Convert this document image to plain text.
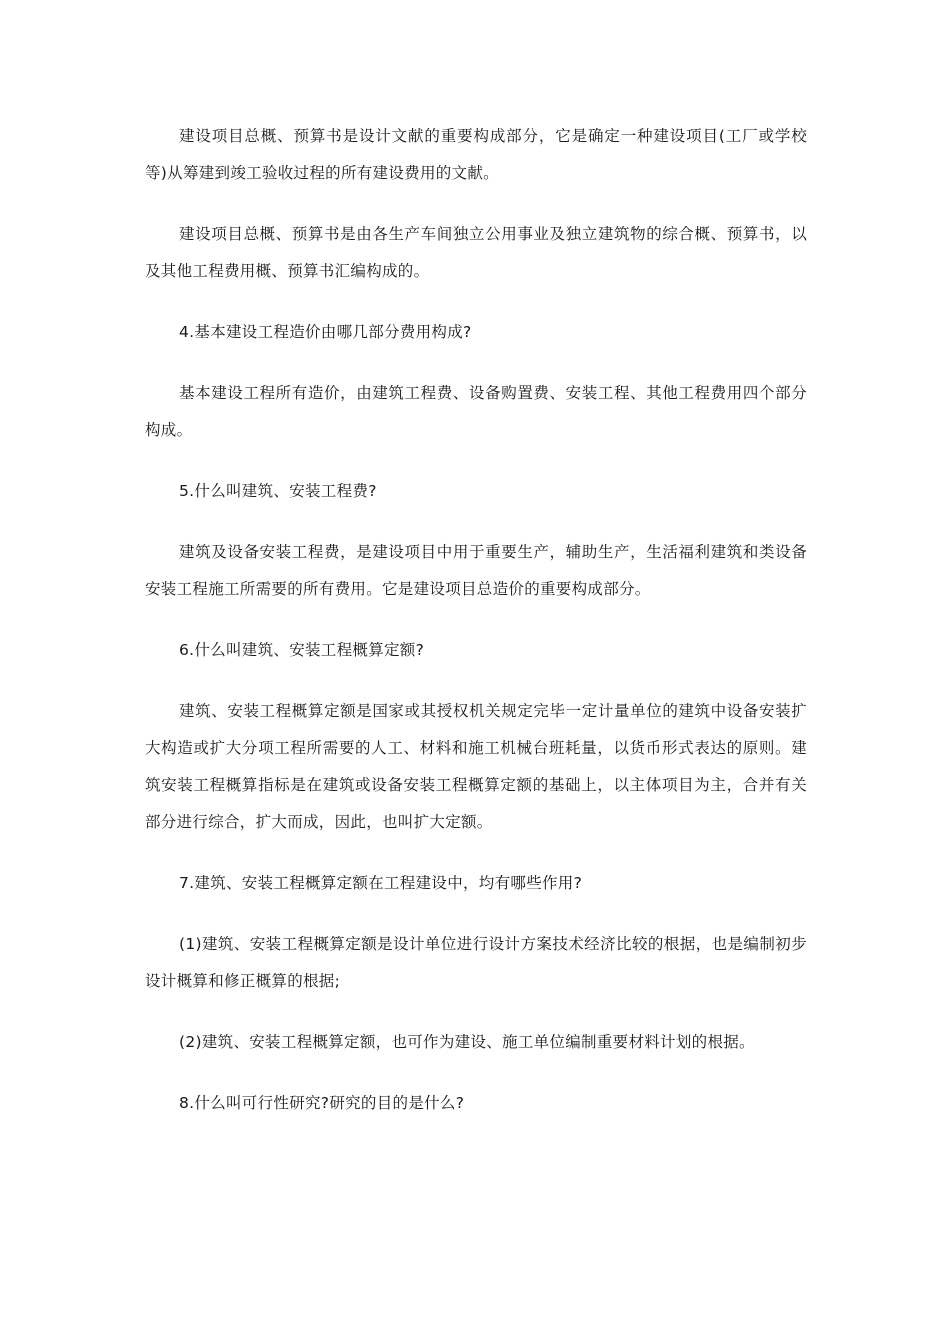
建设项目总概、预算书是设计文献的重要构成部分，它是确定一种建设项目(工厂或学校等)从筹建到竣工验收过程的所有建设费用的文献。

建设项目总概、预算书是由各生产车间独立公用事业及独立建筑物的综合概、预算书，以及其他工程费用概、预算书汇编构成的。

4.基本建设工程造价由哪几部分费用构成?

基本建设工程所有造价，由建筑工程费、设备购置费、安装工程、其他工程费用四个部分构成。

5.什么叫建筑、安装工程费?

建筑及设备安装工程费，是建设项目中用于重要生产，辅助生产，生活福利建筑和类设备安装工程施工所需要的所有费用。它是建设项目总造价的重要构成部分。

6.什么叫建筑、安装工程概算定额?

建筑、安装工程概算定额是国家或其授权机关规定完毕一定计量单位的建筑中设备安装扩大构造或扩大分项工程所需要的人工、材料和施工机械台班耗量，以货币形式表达的原则。建筑安装工程概算指标是在建筑或设备安装工程概算定额的基础上，以主体项目为主，合并有关部分进行综合，扩大而成，因此，也叫扩大定额。

7.建筑、安装工程概算定额在工程建设中，均有哪些作用?

(1)建筑、安装工程概算定额是设计单位进行设计方案技术经济比较的根据，也是编制初步设计概算和修正概算的根据;

(2)建筑、安装工程概算定额，也可作为建设、施工单位编制重要材料计划的根据。

8.什么叫可行性研究?研究的目的是什么?
